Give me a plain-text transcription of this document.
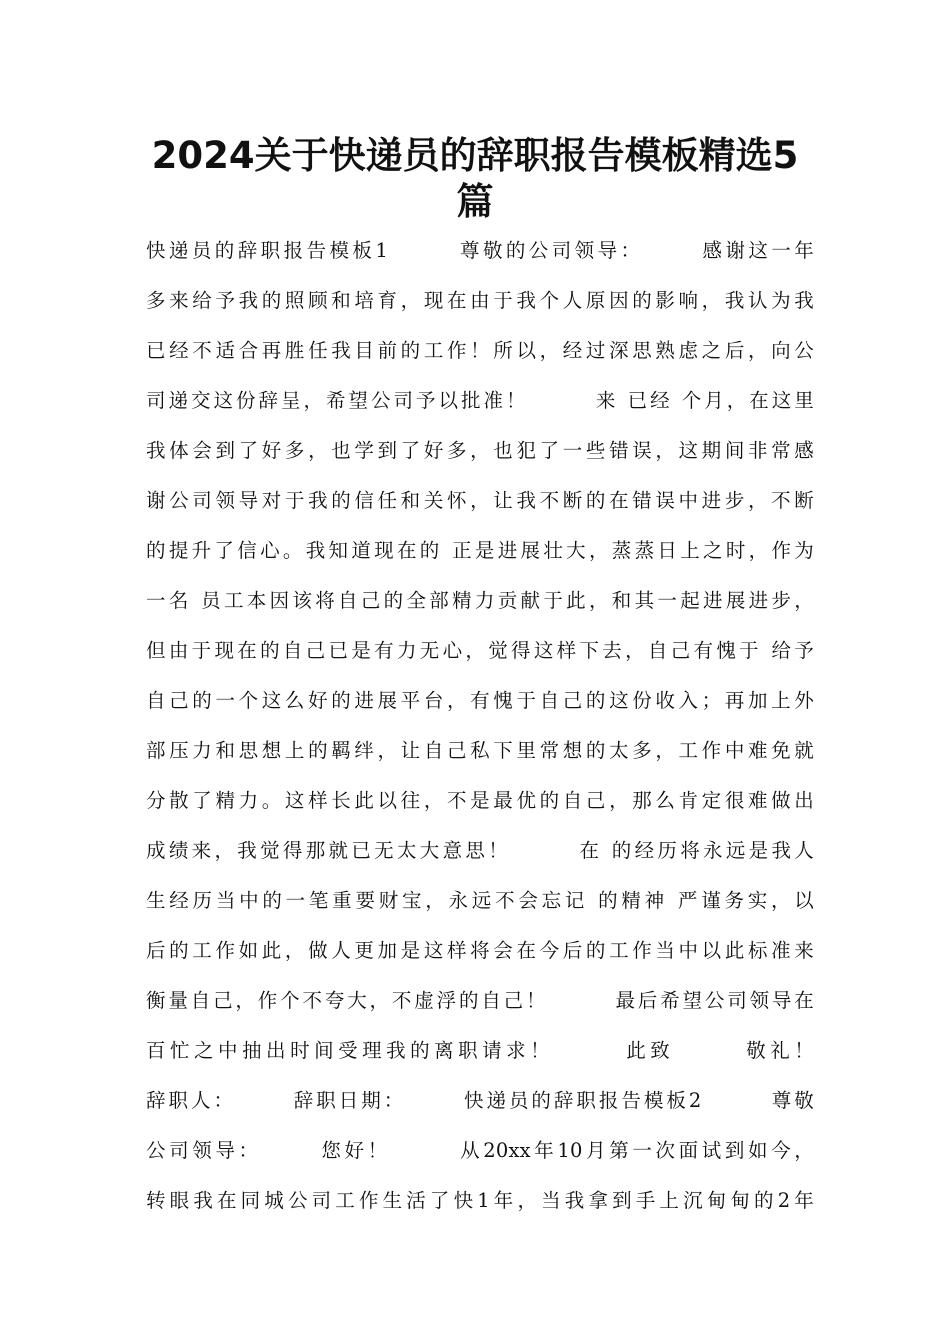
2024关于快递员的辞职报告模板精选5
篇

快递员的辞职报告模板1　　　尊敬的公司领导：　　　感谢这一年

多来给予我的照顾和培育，现在由于我个人原因的影响，我认为我

已经不适合再胜任我目前的工作！所以，经过深思熟虑之后，向公

司递交这份辞呈，希望公司予以批准！　　　来 已经 个月，在这里

我体会到了好多，也学到了好多，也犯了一些错误，这期间非常感

谢公司领导对于我的信任和关怀，让我不断的在错误中进步，不断

的提升了信心。我知道现在的 正是进展壮大，蒸蒸日上之时，作为

一名 员工本因该将自己的全部精力贡献于此，和其一起进展进步，

但由于现在的自己已是有力无心，觉得这样下去，自己有愧于 给予

自己的一个这么好的进展平台，有愧于自己的这份收入；再加上外

部压力和思想上的羁绊，让自己私下里常想的太多，工作中难免就

分散了精力。这样长此以往，不是最优的自己，那么肯定很难做出

成绩来，我觉得那就已无太大意思！　　　在 的经历将永远是我人

生经历当中的一笔重要财宝，永远不会忘记 的精神 严谨务实，以

后的工作如此，做人更加是这样将会在今后的工作当中以此标准来

衡量自己，作个不夸大，不虚浮的自己！　　　最后希望公司领导在

百忙之中抽出时间受理我的离职请求！　　　此致　　　敬礼！

辞职人：　　　辞职日期：　　　快递员的辞职报告模板2　　　尊敬

公司领导：　　　您好！　　　从20xx年10月第一次面试到如今，

转眼我在同城公司工作生活了快1年，当我拿到手上沉甸甸的2年
